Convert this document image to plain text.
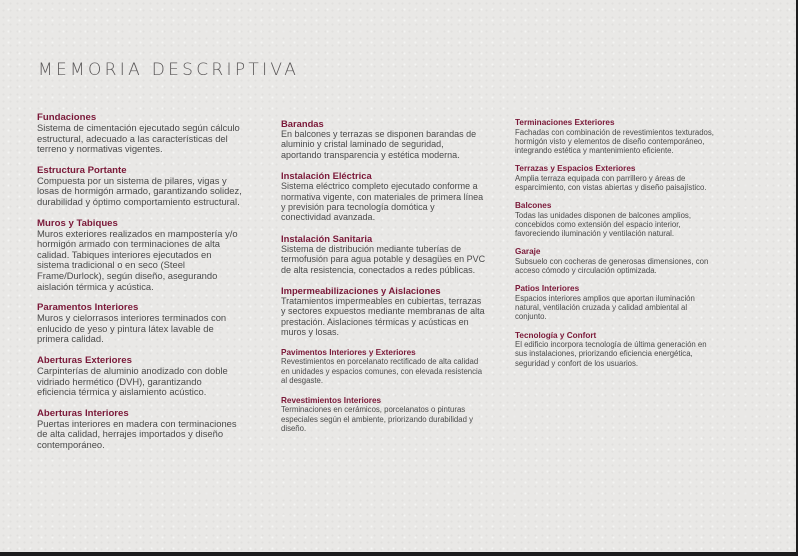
MEMORIA DESCRIPTIVA
Fundaciones
Sistema de cimentación ejecutado según cálculo estructural, adecuado a las características del terreno y normativas vigentes.
Estructura Portante
Compuesta por un sistema de pilares, vigas y losas de hormigón armado, garantizando solidez, durabilidad y óptimo comportamiento estructural.
Muros y Tabiques
Muros exteriores realizados en mampostería y/o hormigón armado con terminaciones de alta calidad. Tabiques interiores ejecutados en sistema tradicional o en seco (Steel Frame/Durlock), según diseño, asegurando aislación térmica y acústica.
Paramentos Interiores
Muros y cielorrasos interiores terminados con enlucido de yeso y pintura látex lavable de primera calidad.
Aberturas Exteriores
Carpinterías de aluminio anodizado con doble vidriado hermético (DVH), garantizando eficiencia térmica y aislamiento acústico.
Aberturas Interiores
Puertas interiores en madera con terminaciones de alta calidad, herrajes importados y diseño contemporáneo.
Barandas
En balcones y terrazas se disponen barandas de aluminio y cristal laminado de seguridad, aportando transparencia y estética moderna.
Instalación Eléctrica
Sistema eléctrico completo ejecutado conforme a normativa vigente, con materiales de primera línea y previsión para tecnología domótica y conectividad avanzada.
Instalación Sanitaria
Sistema de distribución mediante tuberías de termofusión para agua potable y desagües en PVC de alta resistencia, conectados a redes públicas.
Impermeabilizaciones y Aislaciones
Tratamientos impermeables en cubiertas, terrazas y sectores expuestos mediante membranas de alta prestación. Aislaciones térmicas y acústicas en muros y losas.
Pavimentos Interiores y Exteriores
Revestimientos en porcelanato rectificado de alta calidad en unidades y espacios comunes, con elevada resistencia al desgaste.
Revestimientos Interiores
Terminaciones en cerámicos, porcelanatos o pinturas especiales según el ambiente, priorizando durabilidad y diseño.
Terminaciones Exteriores
Fachadas con combinación de revestimientos texturados, hormigón visto y elementos de diseño contemporáneo, integrando estética y mantenimiento eficiente.
Terrazas y Espacios Exteriores
Amplia terraza equipada con parrillero y áreas de esparcimiento, con vistas abiertas y diseño paisajístico.
Balcones
Todas las unidades disponen de balcones amplios, concebidos como extensión del espacio interior, favoreciendo iluminación y ventilación natural.
Garaje
Subsuelo con cocheras de generosas dimensiones, con acceso cómodo y circulación optimizada.
Patios Interiores
Espacios interiores amplios que aportan iluminación natural, ventilación cruzada y calidad ambiental al conjunto.
Tecnología y Confort
El edificio incorpora tecnología de última generación en sus instalaciones, priorizando eficiencia energética, seguridad y confort de los usuarios.
